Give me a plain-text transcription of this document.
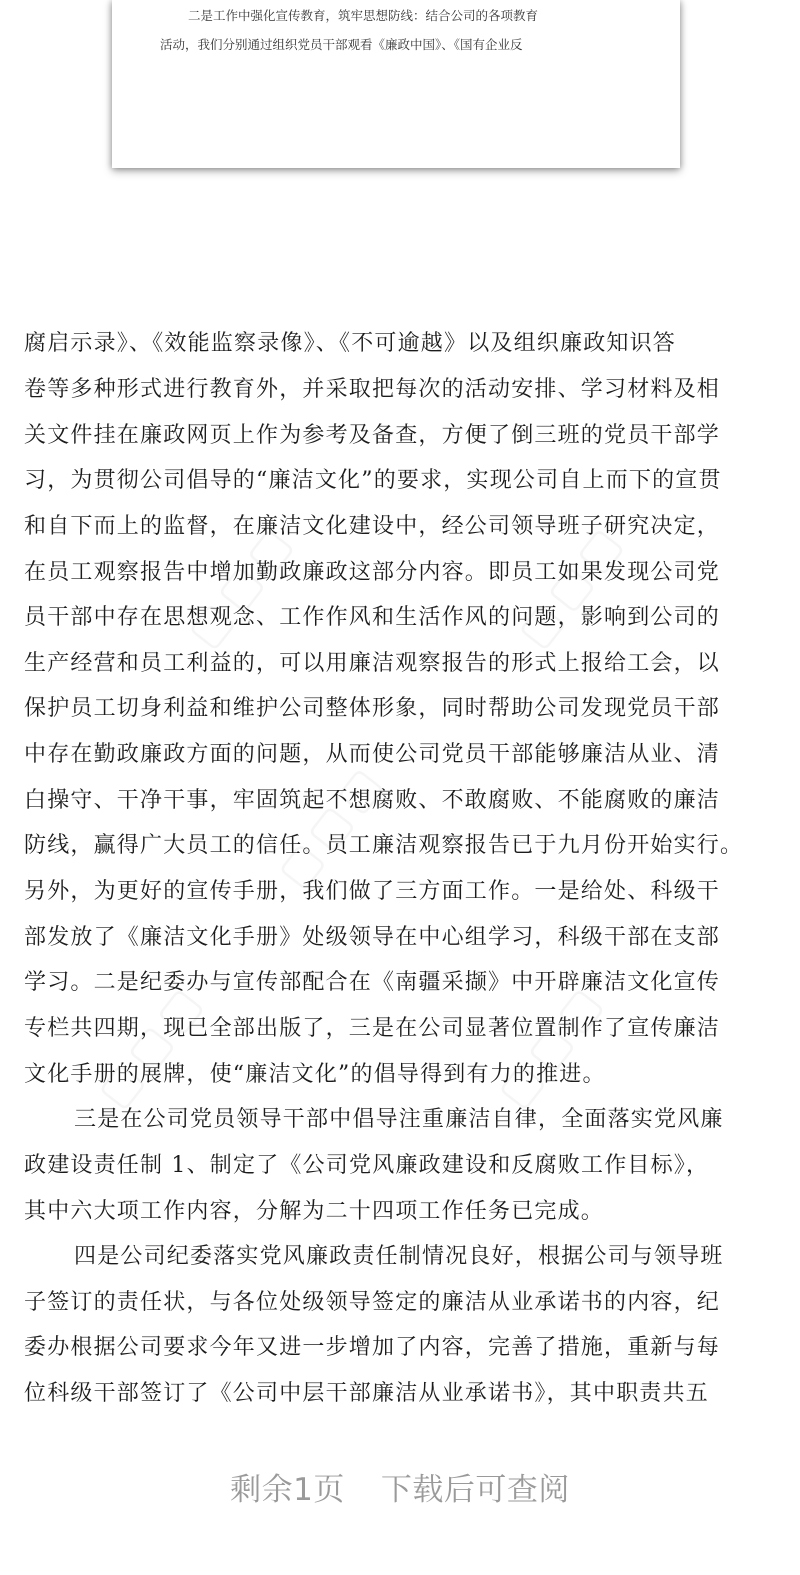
二是工作中强化宣传教育，筑牢思想防线：结合公司的各项教育
活动，我们分别通过组织党员干部观看《廉政中国》、《国有企业反
▢▢▢	▢▢▢
▢▢▢
▢▢▢	▢▢▢
腐启示录》、《效能监察录像》、《不可逾越》以及组织廉政知识答
卷等多种形式进行教育外，并采取把每次的活动安排、学习材料及相
关文件挂在廉政网页上作为参考及备查，方便了倒三班的党员干部学
习，为贯彻公司倡导的“廉洁文化”的要求，实现公司自上而下的宣贯
和自下而上的监督，在廉洁文化建设中，经公司领导班子研究决定，
在员工观察报告中增加勤政廉政这部分内容。即员工如果发现公司党
员干部中存在思想观念、工作作风和生活作风的问题，影响到公司的
生产经营和员工利益的，可以用廉洁观察报告的形式上报给工会，以
保护员工切身利益和维护公司整体形象，同时帮助公司发现党员干部
中存在勤政廉政方面的问题，从而使公司党员干部能够廉洁从业、清
白操守、干净干事，牢固筑起不想腐败、不敢腐败、不能腐败的廉洁
防线，赢得广大员工的信任。员工廉洁观察报告已于九月份开始实行。
另外，为更好的宣传手册，我们做了三方面工作。一是给处、科级干
部发放了《廉洁文化手册》处级领导在中心组学习，科级干部在支部
学习。二是纪委办与宣传部配合在《南疆采撷》中开辟廉洁文化宣传
专栏共四期，现已全部出版了，三是在公司显著位置制作了宣传廉洁
文化手册的展牌，使“廉洁文化”的倡导得到有力的推进。
三是在公司党员领导干部中倡导注重廉洁自律，全面落实党风廉
政建设责任制 1、制定了《公司党风廉政建设和反腐败工作目标》，
其中六大项工作内容，分解为二十四项工作任务已完成。
四是公司纪委落实党风廉政责任制情况良好，根据公司与领导班
子签订的责任状，与各位处级领导签定的廉洁从业承诺书的内容，纪
委办根据公司要求今年又进一步增加了内容，完善了措施，重新与每
位科级干部签订了《公司中层干部廉洁从业承诺书》，其中职责共五
剩余1页 下载后可查阅
